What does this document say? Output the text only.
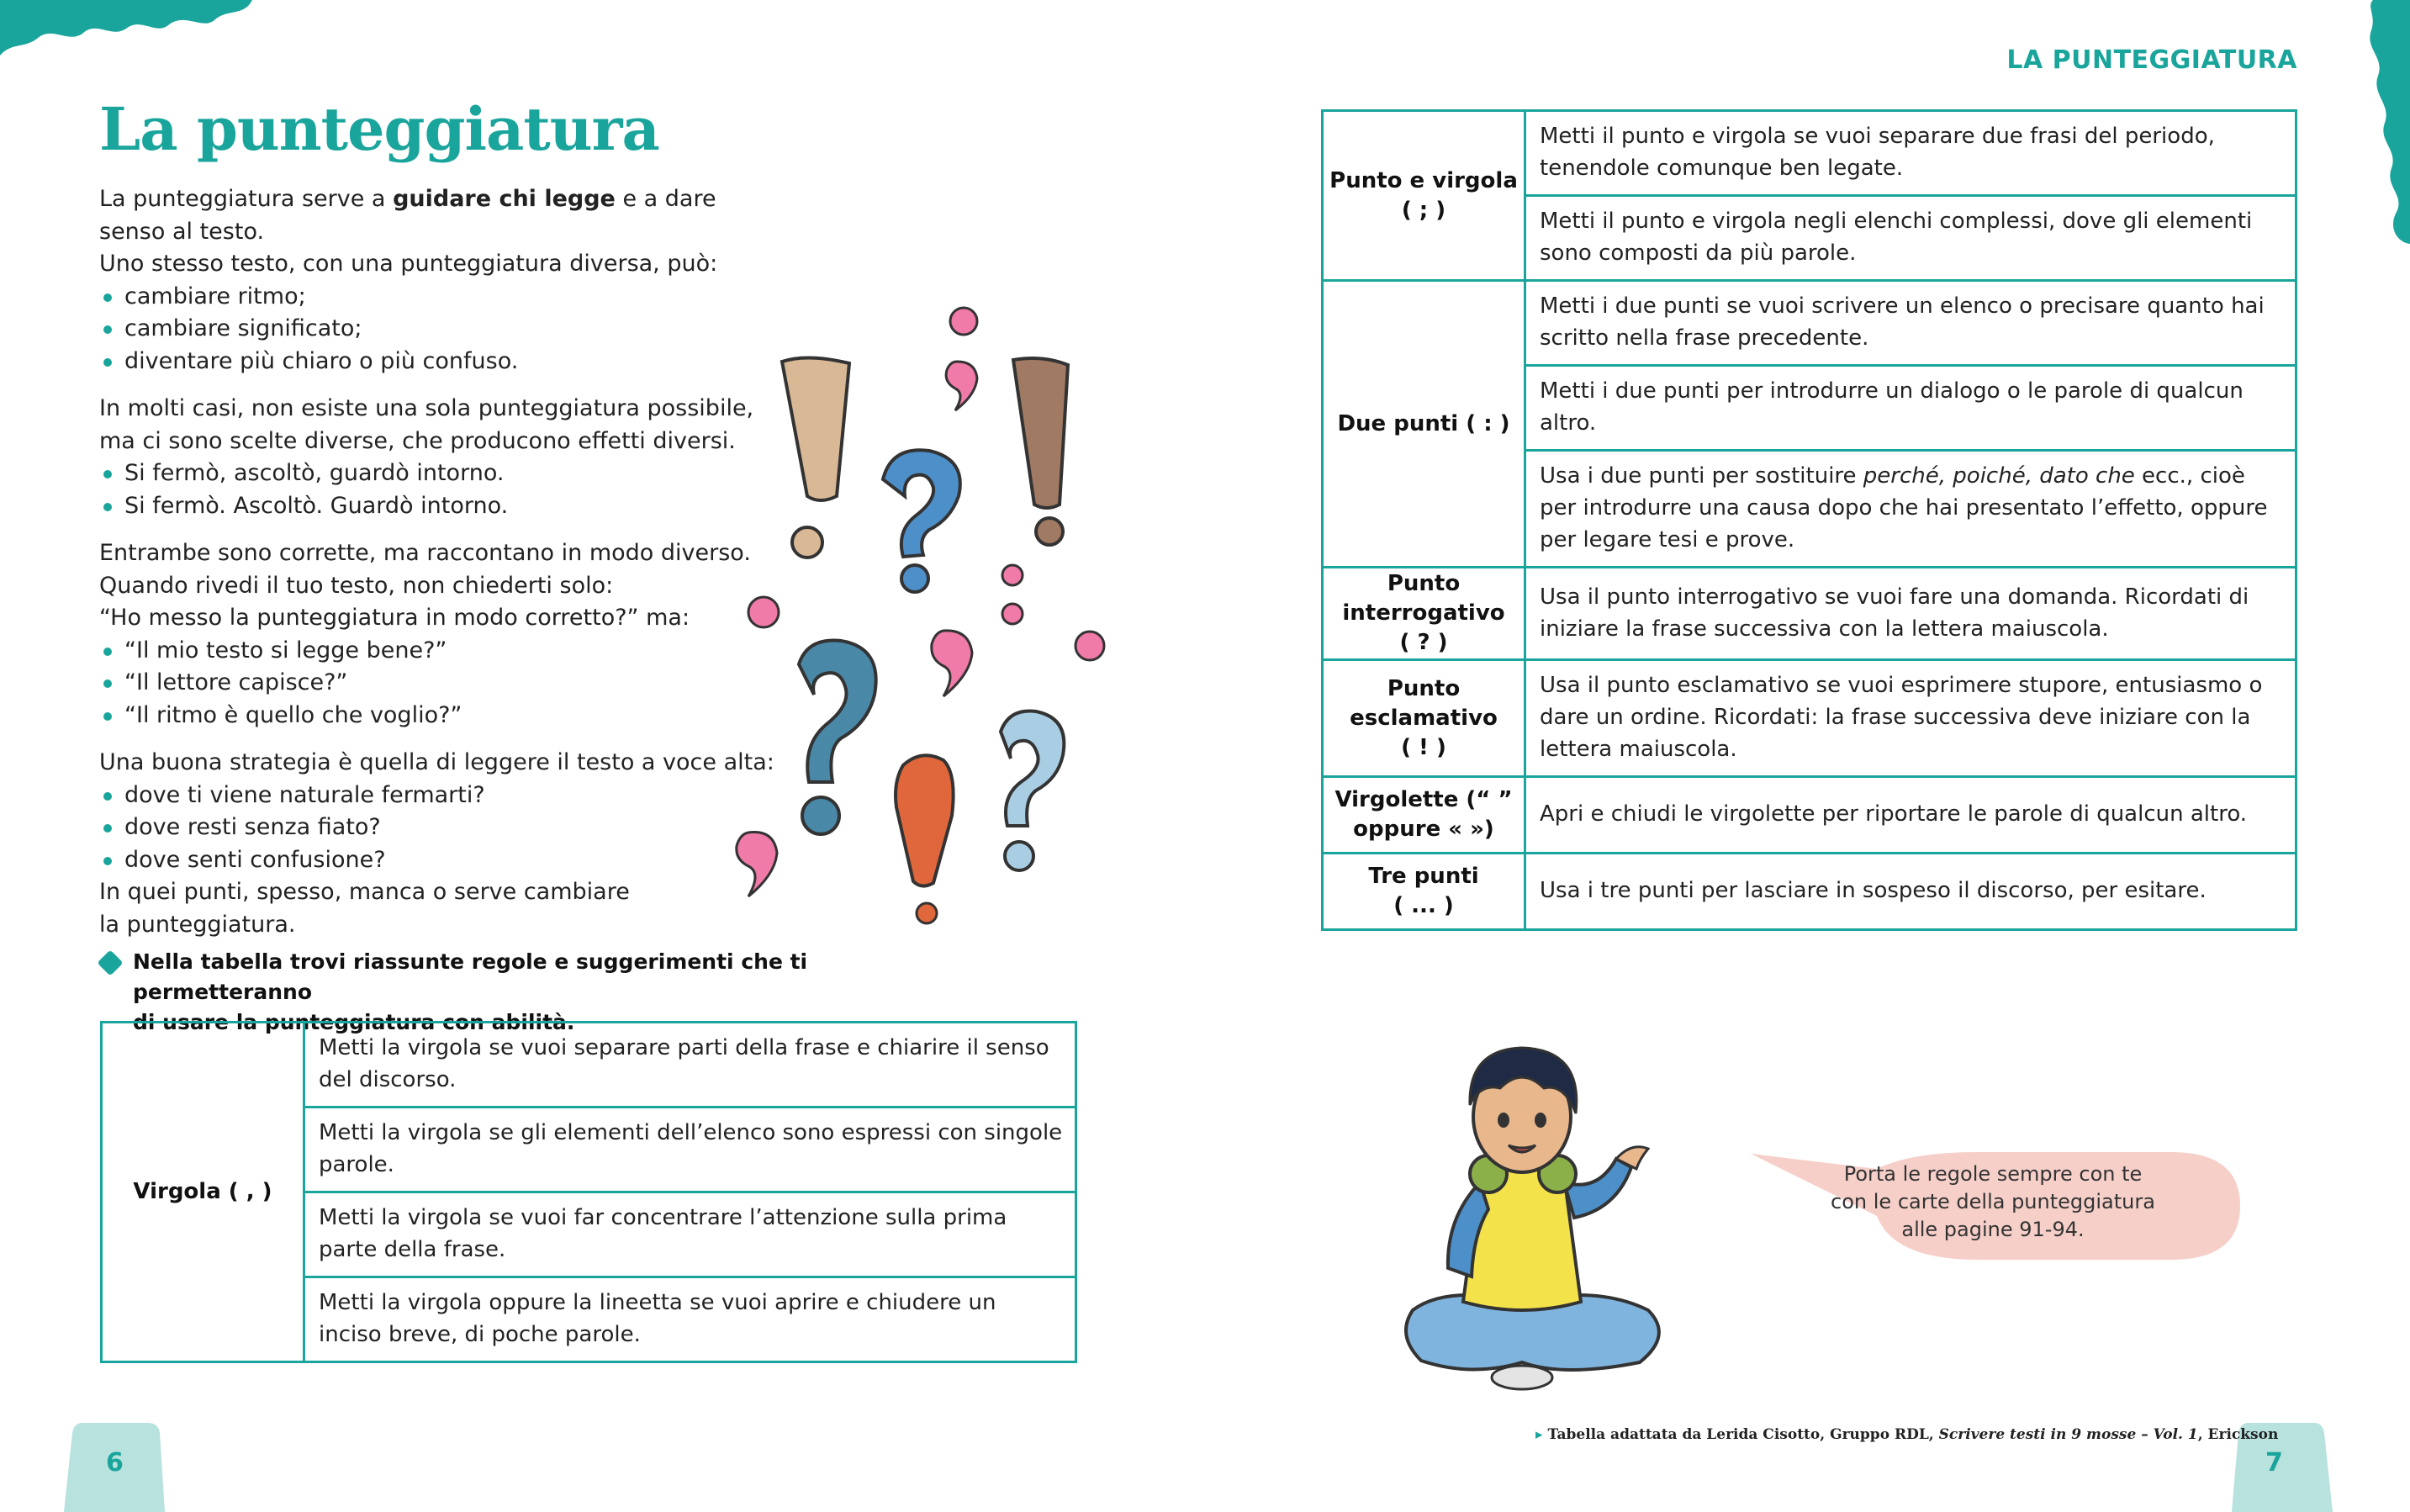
6	7
La punteggiatura

La punteggiatura serve a guidare chi legge e a dare senso al testo.

Uno stesso testo, con una punteggiatura diversa, può:

cambiare ritmo;
cambiare significato;
diventare più chiaro o più confuso.

In molti casi, non esiste una sola punteggiatura possibile,

ma ci sono scelte diverse, che producono effetti diversi.

Si fermò, ascoltò, guardò intorno.
Si fermò. Ascoltò. Guardò intorno.

Entrambe sono corrette, ma raccontano in modo diverso.

Quando rivedi il tuo testo, non chiederti solo:

“Ho messo la punteggiatura in modo corretto?” ma:

“Il mio testo si legge bene?”
“Il lettore capisce?”
“Il ritmo è quello che voglio?”

Una buona strategia è quella di leggere il testo a voce alta:

dove ti viene naturale fermarti?
dove resti senza fiato?
dove senti confusione?

In quei punti, spesso, manca o serve cambiare

la punteggiatura.

Nella tabella trovi riassunte regole e suggerimenti che ti permetteranno
di usare la punteggiatura con abilità.
Virgola ( , )	Metti la virgola se vuoi separare parti della frase e chiarire il senso del discorso.
Metti la virgola se gli elementi dell’elenco sono espressi con singole parole.
Metti la virgola se vuoi far concentrare l’attenzione sulla prima parte della frase.
Metti la virgola oppure la lineetta se vuoi aprire e chiudere un inciso breve, di poche parole.
LA PUNTEGGIATURA
Punto e virgola
( ; )	Metti il punto e virgola se vuoi separare due frasi del periodo, tenendole comunque ben legate.
	Metti il punto e virgola negli elenchi complessi, dove gli elementi sono composti da più parole.
Due punti ( : )	Metti i due punti se vuoi scrivere un elenco o precisare quanto hai scritto nella frase precedente.
	Metti i due punti per introdurre un dialogo o le parole di qualcun altro.
	Usa i due punti per sostituire perché, poiché, dato che ecc., cioè per introdurre una causa dopo che hai presentato l’effetto, oppure per legare tesi e prove.

Punto
interrogativo
( ? )	Usa il punto interrogativo se vuoi fare una domanda. Ricordati di iniziare la frase successiva con la lettera maiuscola.

Punto
esclamativo
( ! )	Usa il punto esclamativo se vuoi esprimere stupore, entusiasmo o dare un ordine. Ricordati: la frase successiva deve iniziare con la lettera maiuscola.

Virgolette (“ ”
oppure « »)	Apri e chiudi le virgolette per riportare le parole di qualcun altro.

Tre punti
( ... )	Usa i tre punti per lasciare in sospeso il discorso, per esitare.
Porta le regole sempre con te
con le carte della punteggiatura
alle pagine 91-94.
▸ Tabella adattata da Lerida Cisotto, Gruppo RDL, Scrivere testi in 9 mosse – Vol. 1, Erickson
